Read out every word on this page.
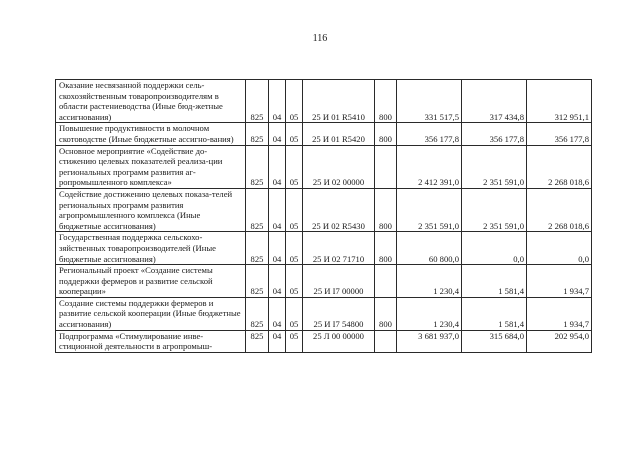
116
Оказание несвязанной поддержки сель-скохозяйственным товаропроизводителям в области растениеводства (Иные бюд-жетные ассигнования)	825	04	05	25 И 01 R5410	800	331 517,5	317 434,8	312 951,1
Повышение продуктивности в молочном скотоводстве (Иные бюджетные ассигно-вания)	825	04	05	25 И 01 R5420	800	356 177,8	356 177,8	356 177,8
Основное мероприятие «Содействие до-стижению целевых показателей реализа-ции региональных программ развития аг-ропромышленного комплекса»	825	04	05	25 И 02 00000		2 412 391,0	2 351 591,0	2 268 018,6
Содействие достижению целевых показа-телей региональных программ развития агропромышленного комплекса (Иные бюджетные ассигнования)	825	04	05	25 И 02 R5430	800	2 351 591,0	2 351 591,0	2 268 018,6
Государственная поддержка сельскохо-зяйственных товаропроизводителей (Иные бюджетные ассигнования)	825	04	05	25 И 02 71710	800	60 800,0	0,0	0,0
Региональный проект «Создание системы поддержки фермеров и развитие сельской кооперации»	825	04	05	25 И I7 00000		1 230,4	1 581,4	1 934,7
Создание системы поддержки фермеров и развитие сельской кооперации (Иные бюджетные ассигнования)	825	04	05	25 И I7 54800	800	1 230,4	1 581,4	1 934,7
Подпрограмма «Стимулирование инве-стиционной деятельности в агропромыш-	825	04	05	25 Л 00 00000		3 681 937,0	315 684,0	202 954,0
